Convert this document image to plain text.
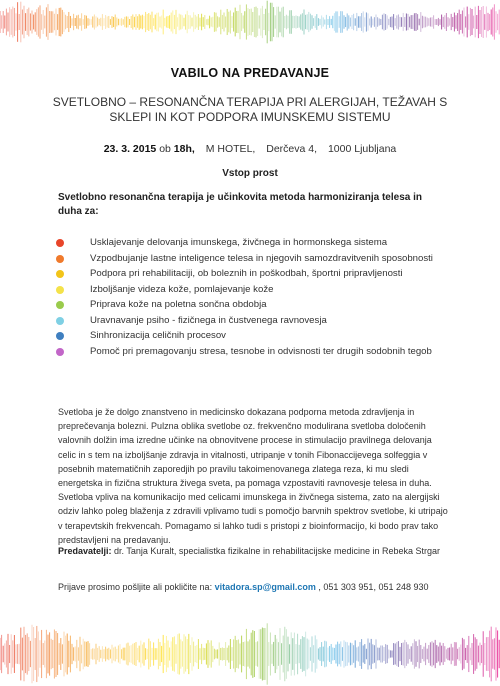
VABILO NA PREDAVANJE
SVETLOBNO – RESONANČNA TERAPIJA PRI ALERGIJAH, TEŽAVAH S SKLEPI IN KOT PODPORA IMUNSKEMU SISTEMU
23. 3. 2015 ob 18h, M HOTEL, Derčeva 4, 1000 Ljubljana
Vstop prost
Svetlobno resonančna terapija je učinkovita metoda harmoniziranja telesa in duha za:
Usklajevanje delovanja imunskega, živčnega in hormonskega sistema
Vzpodbujanje lastne inteligence telesa in njegovih samozdravitvenih sposobnosti
Podpora pri rehabilitaciji, ob boleznih in poškodbah, športni pripravljenosti
Izboljšanje videza kože, pomlajevanje kože
Priprava kože na poletna sončna obdobja
Uravnavanje psiho - fizičnega in čustvenega ravnovesja
Sinhronizacija celičnih procesov
Pomoč pri premagovanju stresa, tesnobe in odvisnosti ter drugih sodobnih tegob
Svetloba je že dolgo znanstveno in medicinsko dokazana podporna metoda zdravljenja in preprečevanja bolezni. Pulzna oblika svetlobe oz. frekvenčno modulirana svetloba določenih valovnih dolžin ima izredne učinke na obnovitvene procese in stimulacijo pravilnega delovanja celic in s tem na izboljšanje zdravja in vitalnosti, utripanje v tonih Fibonaccijevega solfeggia v posebnih matematičnih zaporedjih po pravilu takoimenovanega zlatega reza, ki mu sledi energetska in fizična struktura živega sveta, pa pomaga vzpostaviti ravnovesje telesa in duha. Svetloba vpliva na komunikacijo med celicami imunskega in živčnega sistema, zato na alergijski odziv lahko poleg blaženja z zdravili vplivamo tudi s pomočjo barvnih spektrov svetlobe, ki utripajo v terapevtskih frekvencah. Pomagamo si lahko tudi s pristopi z bioinformacijo, ki bodo prav tako predstavljeni na predavanju.
Predavatelji: dr. Tanja Kuralt, specialistka fizikalne in rehabilitacijske medicine in Rebeka Strgar
Prijave prosimo pošljite ali pokličite na: vitadora.sp@gmail.com , 051 303 951, 051 248 930
